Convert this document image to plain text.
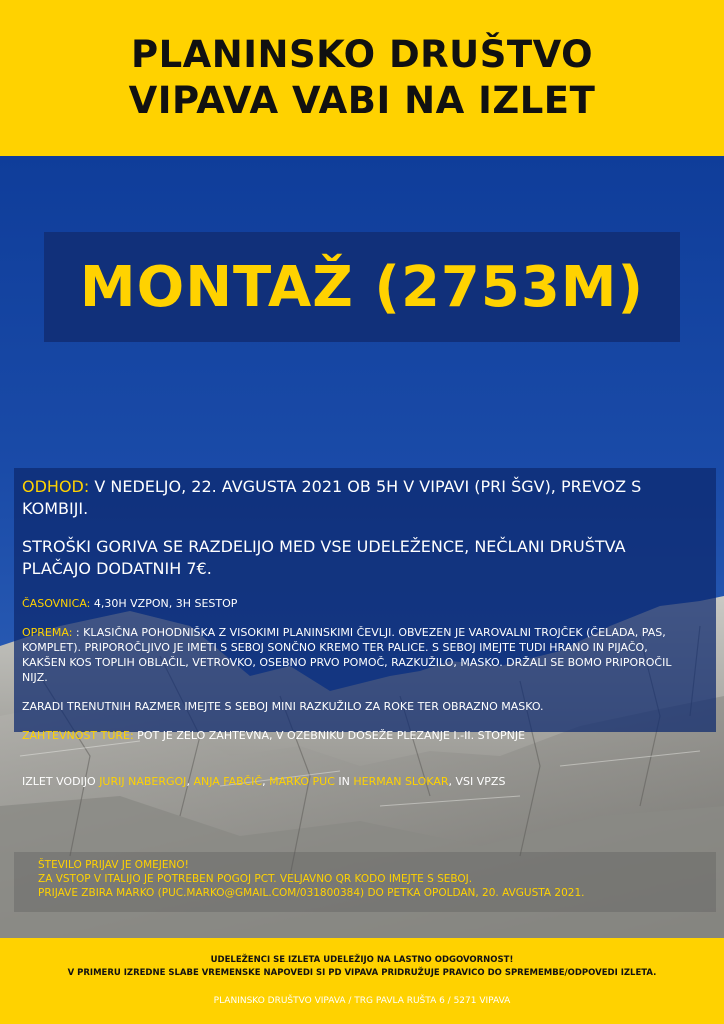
PLANINSKO DRUŠTVO
VIPAVA VABI NA IZLET
MONTAŽ (2753M)

ODHOD: V NEDELJO, 22. AVGUSTA 2021 OB 5H V VIPAVI (PRI ŠGV), PREVOZ S KOMBIJI.

STROŠKI GORIVA SE RAZDELIJO MED VSE UDELEŽENCE, NEČLANI DRUŠTVA PLAČAJO DODATNIH 7€.

ČASOVNICA: 4,30H VZPON, 3H SESTOP

OPREMA: : KLASIČNA POHODNIŠKA Z VISOKIMI PLANINSKIMI ČEVLJI. OBVEZEN JE VAROVALNI TROJČEK (ČELADA, PAS, KOMPLET). PRIPOROČLJIVO JE IMETI S SEBOJ SONČNO KREMO TER PALICE. S SEBOJ IMEJTE TUDI HRANO IN PIJAČO, KAKŠEN KOS TOPLIH OBLAČIL, VETROVKO, OSEBNO PRVO POMOČ, RAZKUŽILO, MASKO. DRŽALI SE BOMO PRIPOROČIL NIJZ.

ZARADI TRENUTNIH RAZMER IMEJTE S SEBOJ MINI RAZKUŽILO ZA ROKE TER OBRAZNO MASKO.

ZAHTEVNOST TURE: POT JE ZELO ZAHTEVNA, V OZEBNIKU DOSEŽE PLEZANJE I.-II. STOPNJE

IZLET VODIJO JURIJ NABERGOJ, ANJA FABČIČ, MARKO PUC IN HERMAN SLOKAR, VSI VPZS
ŠTEVILO PRIJAV JE OMEJENO!
ZA VSTOP V ITALIJO JE POTREBEN POGOJ PCT. VELJAVNO QR KODO IMEJTE S SEBOJ.
PRIJAVE ZBIRA MARKO (PUC.MARKO@GMAIL.COM/031800384) DO PETKA OPOLDAN, 20. AVGUSTA 2021.
UDELEŽENCI SE IZLETA UDELEŽIJO NA LASTNO ODGOVORNOST!
V PRIMERU IZREDNE SLABE VREMENSKE NAPOVEDI SI PD VIPAVA PRIDRUŽUJE PRAVICO DO SPREMEMBE/ODPOVEDI IZLETA.
PLANINSKO DRUŠTVO VIPAVA / TRG PAVLA RUŠTA 6 / 5271 VIPAVA
